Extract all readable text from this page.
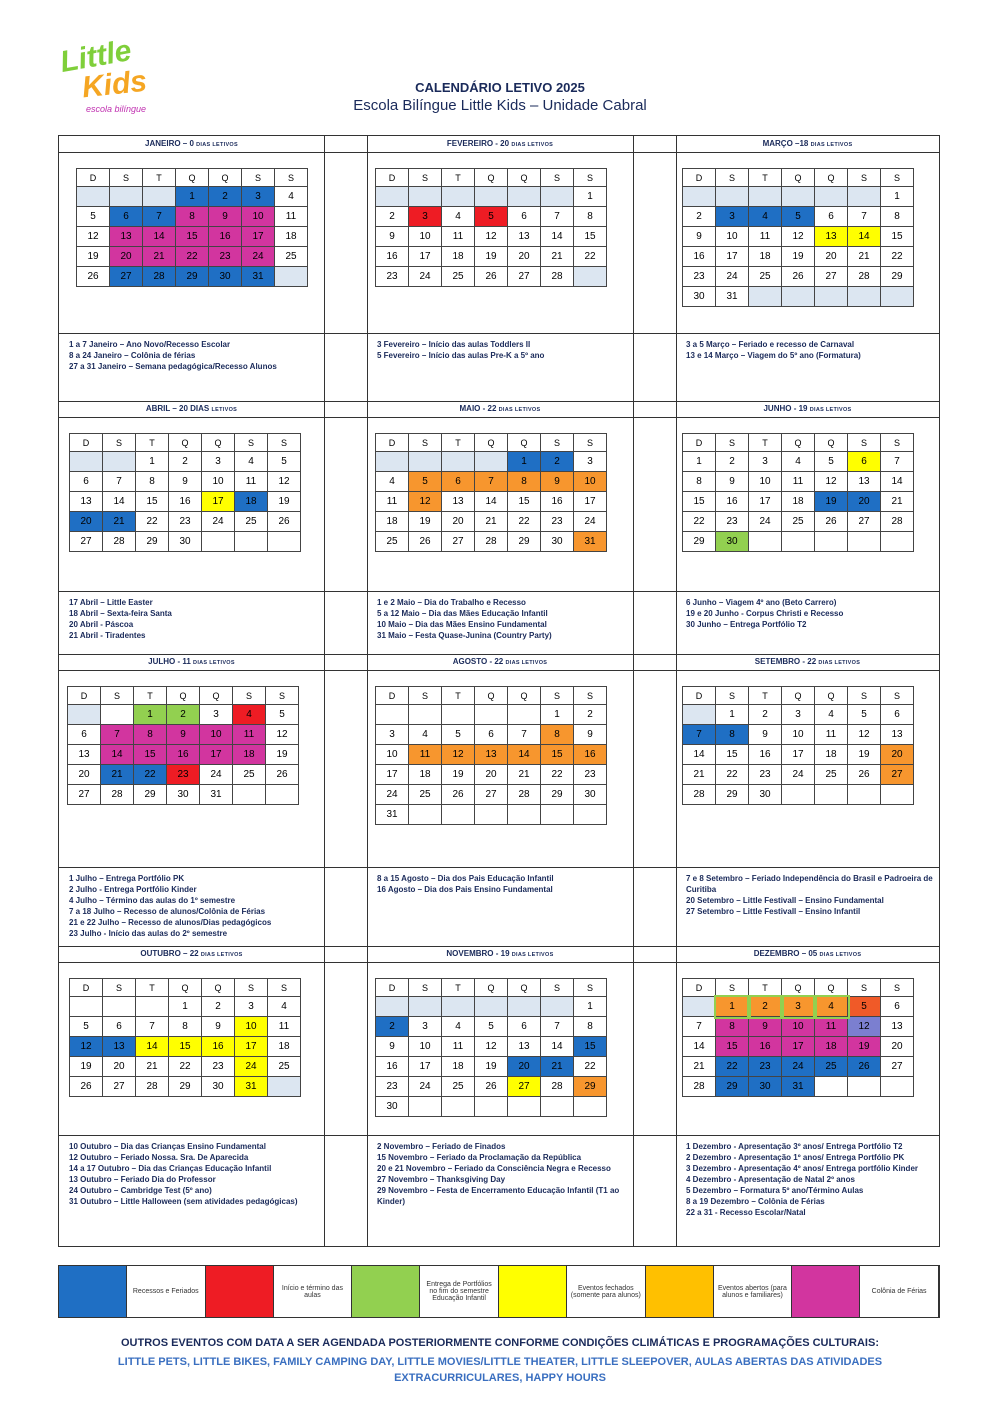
Little
Kids
escola bilíngue
CALENDÁRIO LETIVO 2025
Escola Bilíngue Little Kids – Unidade Cabral
JANEIRO – 0 DIAS LETIVOS
D	S	T	Q	Q	S	S
			1	2	3	4
5	6	7	8	9	10	11
12	13	14	15	16	17	18
19	20	21	22	23	24	25
26	27	28	29	30	31	
1 a 7 Janeiro – Ano Novo/Recesso Escolar
8 a 24 Janeiro – Colônia de férias
27 a 31 Janeiro – Semana pedagógica/Recesso Alunos
FEVEREIRO - 20 DIAS LETIVOS
D	S	T	Q	Q	S	S
						1
2	3	4	5	6	7	8
9	10	11	12	13	14	15
16	17	18	19	20	21	22
23	24	25	26	27	28	
3 Fevereiro – Início das aulas Toddlers II
5 Fevereiro – Início das aulas Pre-K a 5º ano
MARÇO –18 DIAS LETIVOS
D	S	T	Q	Q	S	S
						1
2	3	4	5	6	7	8
9	10	11	12	13	14	15
16	17	18	19	20	21	22
23	24	25	26	27	28	29
30	31					
3 a 5 Março – Feriado e recesso de Carnaval
13 e 14 Março – Viagem do 5º ano (Formatura)
ABRIL – 20 DIAS LETIVOS
D	S	T	Q	Q	S	S
		1	2	3	4	5
6	7	8	9	10	11	12
13	14	15	16	17	18	19
20	21	22	23	24	25	26
27	28	29	30			
17 Abril – Little Easter
18 Abril – Sexta-feira Santa
20 Abril - Páscoa
21 Abril - Tiradentes
MAIO - 22 DIAS LETIVOS
D	S	T	Q	Q	S	S
				1	2	3
4	5	6	7	8	9	10
11	12	13	14	15	16	17
18	19	20	21	22	23	24
25	26	27	28	29	30	31
1 e 2 Maio – Dia do Trabalho e Recesso
5 a 12 Maio – Dia das Mães Educação Infantil
10 Maio – Dia das Mães Ensino Fundamental
31 Maio – Festa Quase-Junina (Country Party)
JUNHO - 19 DIAS LETIVOS
D	S	T	Q	Q	S	S
1	2	3	4	5	6	7
8	9	10	11	12	13	14
15	16	17	18	19	20	21
22	23	24	25	26	27	28
29	30					
6 Junho – Viagem 4º ano (Beto Carrero)
19 e 20 Junho - Corpus Christi e Recesso
30 Junho – Entrega Portfólio T2
JULHO - 11 DIAS LETIVOS
D	S	T	Q	Q	S	S
		1	2	3	4	5
6	7	8	9	10	11	12
13	14	15	16	17	18	19
20	21	22	23	24	25	26
27	28	29	30	31		
1 Julho – Entrega Portfólio PK
2 Julho - Entrega Portfólio Kinder
4 Julho – Término das aulas do 1º semestre
7 a 18 Julho – Recesso de alunos/Colônia de Férias
21 e 22 Julho – Recesso de alunos/Dias pedagógicos
23 Julho - Início das aulas do 2º semestre
AGOSTO - 22 DIAS LETIVOS
D	S	T	Q	Q	S	S
					1	2
3	4	5	6	7	8	9
10	11	12	13	14	15	16
17	18	19	20	21	22	23
24	25	26	27	28	29	30
31						
8 a 15 Agosto – Dia dos Pais Educação Infantil
16 Agosto – Dia dos Pais Ensino Fundamental
SETEMBRO - 22 DIAS LETIVOS
D	S	T	Q	Q	S	S
	1	2	3	4	5	6
7	8	9	10	11	12	13
14	15	16	17	18	19	20
21	22	23	24	25	26	27
28	29	30				
7 e 8 Setembro – Feriado Independência do Brasil e Padroeira de Curitiba
20 Setembro – Little Festivall – Ensino Fundamental
27 Setembro – Little Festivall – Ensino Infantil
OUTUBRO – 22 DIAS LETIVOS
D	S	T	Q	Q	S	S
			1	2	3	4
5	6	7	8	9	10	11
12	13	14	15	16	17	18
19	20	21	22	23	24	25
26	27	28	29	30	31	
10 Outubro – Dia das Crianças Ensino Fundamental
12 Outubro – Feriado Nossa. Sra. De Aparecida
14 a 17 Outubro – Dia das Crianças Educação Infantil
13 Outubro – Feriado Dia do Professor
24 Outubro – Cambridge Test (5º ano)
31 Outubro – Little Halloween (sem atividades pedagógicas)
NOVEMBRO - 19 DIAS LETIVOS
D	S	T	Q	Q	S	S
						1
2	3	4	5	6	7	8
9	10	11	12	13	14	15
16	17	18	19	20	21	22
23	24	25	26	27	28	29
30						
2 Novembro – Feriado de Finados
15 Novembro – Feriado da Proclamação da República
20 e 21 Novembro – Feriado da Consciência Negra e Recesso
27 Novembro – Thanksgiving Day
29 Novembro – Festa de Encerramento Educação Infantil (T1 ao Kinder)
DEZEMBRO – 05 DIAS LETIVOS
D	S	T	Q	Q	S	S
	1	2	3	4	5	6
7	8	9	10	11	12	13
14	15	16	17	18	19	20
21	22	23	24	25	26	27
28	29	30	31			
1 Dezembro - Apresentação 3º anos/ Entrega Portfólio T2
2 Dezembro - Apresentação 1º anos/ Entrega Portfólio PK
3 Dezembro - Apresentação 4º anos/ Entrega portfólio Kinder
4 Dezembro - Apresentação de Natal 2º anos
5 Dezembro – Formatura 5º ano/Término Aulas
8 a 19 Dezembro – Colônia de Férias
22 a 31 - Recesso Escolar/Natal
Recessos e Feriados	Início e término das aulas
Entrega de Portfólios no fim do semestre Educação Infantil
Eventos fechados (somente para alunos)
Eventos abertos (para alunos e familiares)	Colônia de Férias
OUTROS EVENTOS COM DATA A SER AGENDADA POSTERIORMENTE CONFORME CONDIÇÕES CLIMÁTICAS E PROGRAMAÇÕES CULTURAIS:
LITTLE PETS, LITTLE BIKES, FAMILY CAMPING DAY, LITTLE MOVIES/LITTLE THEATER, LITTLE SLEEPOVER, AULAS ABERTAS DAS ATIVIDADES
EXTRACURRICULARES, HAPPY HOURS
